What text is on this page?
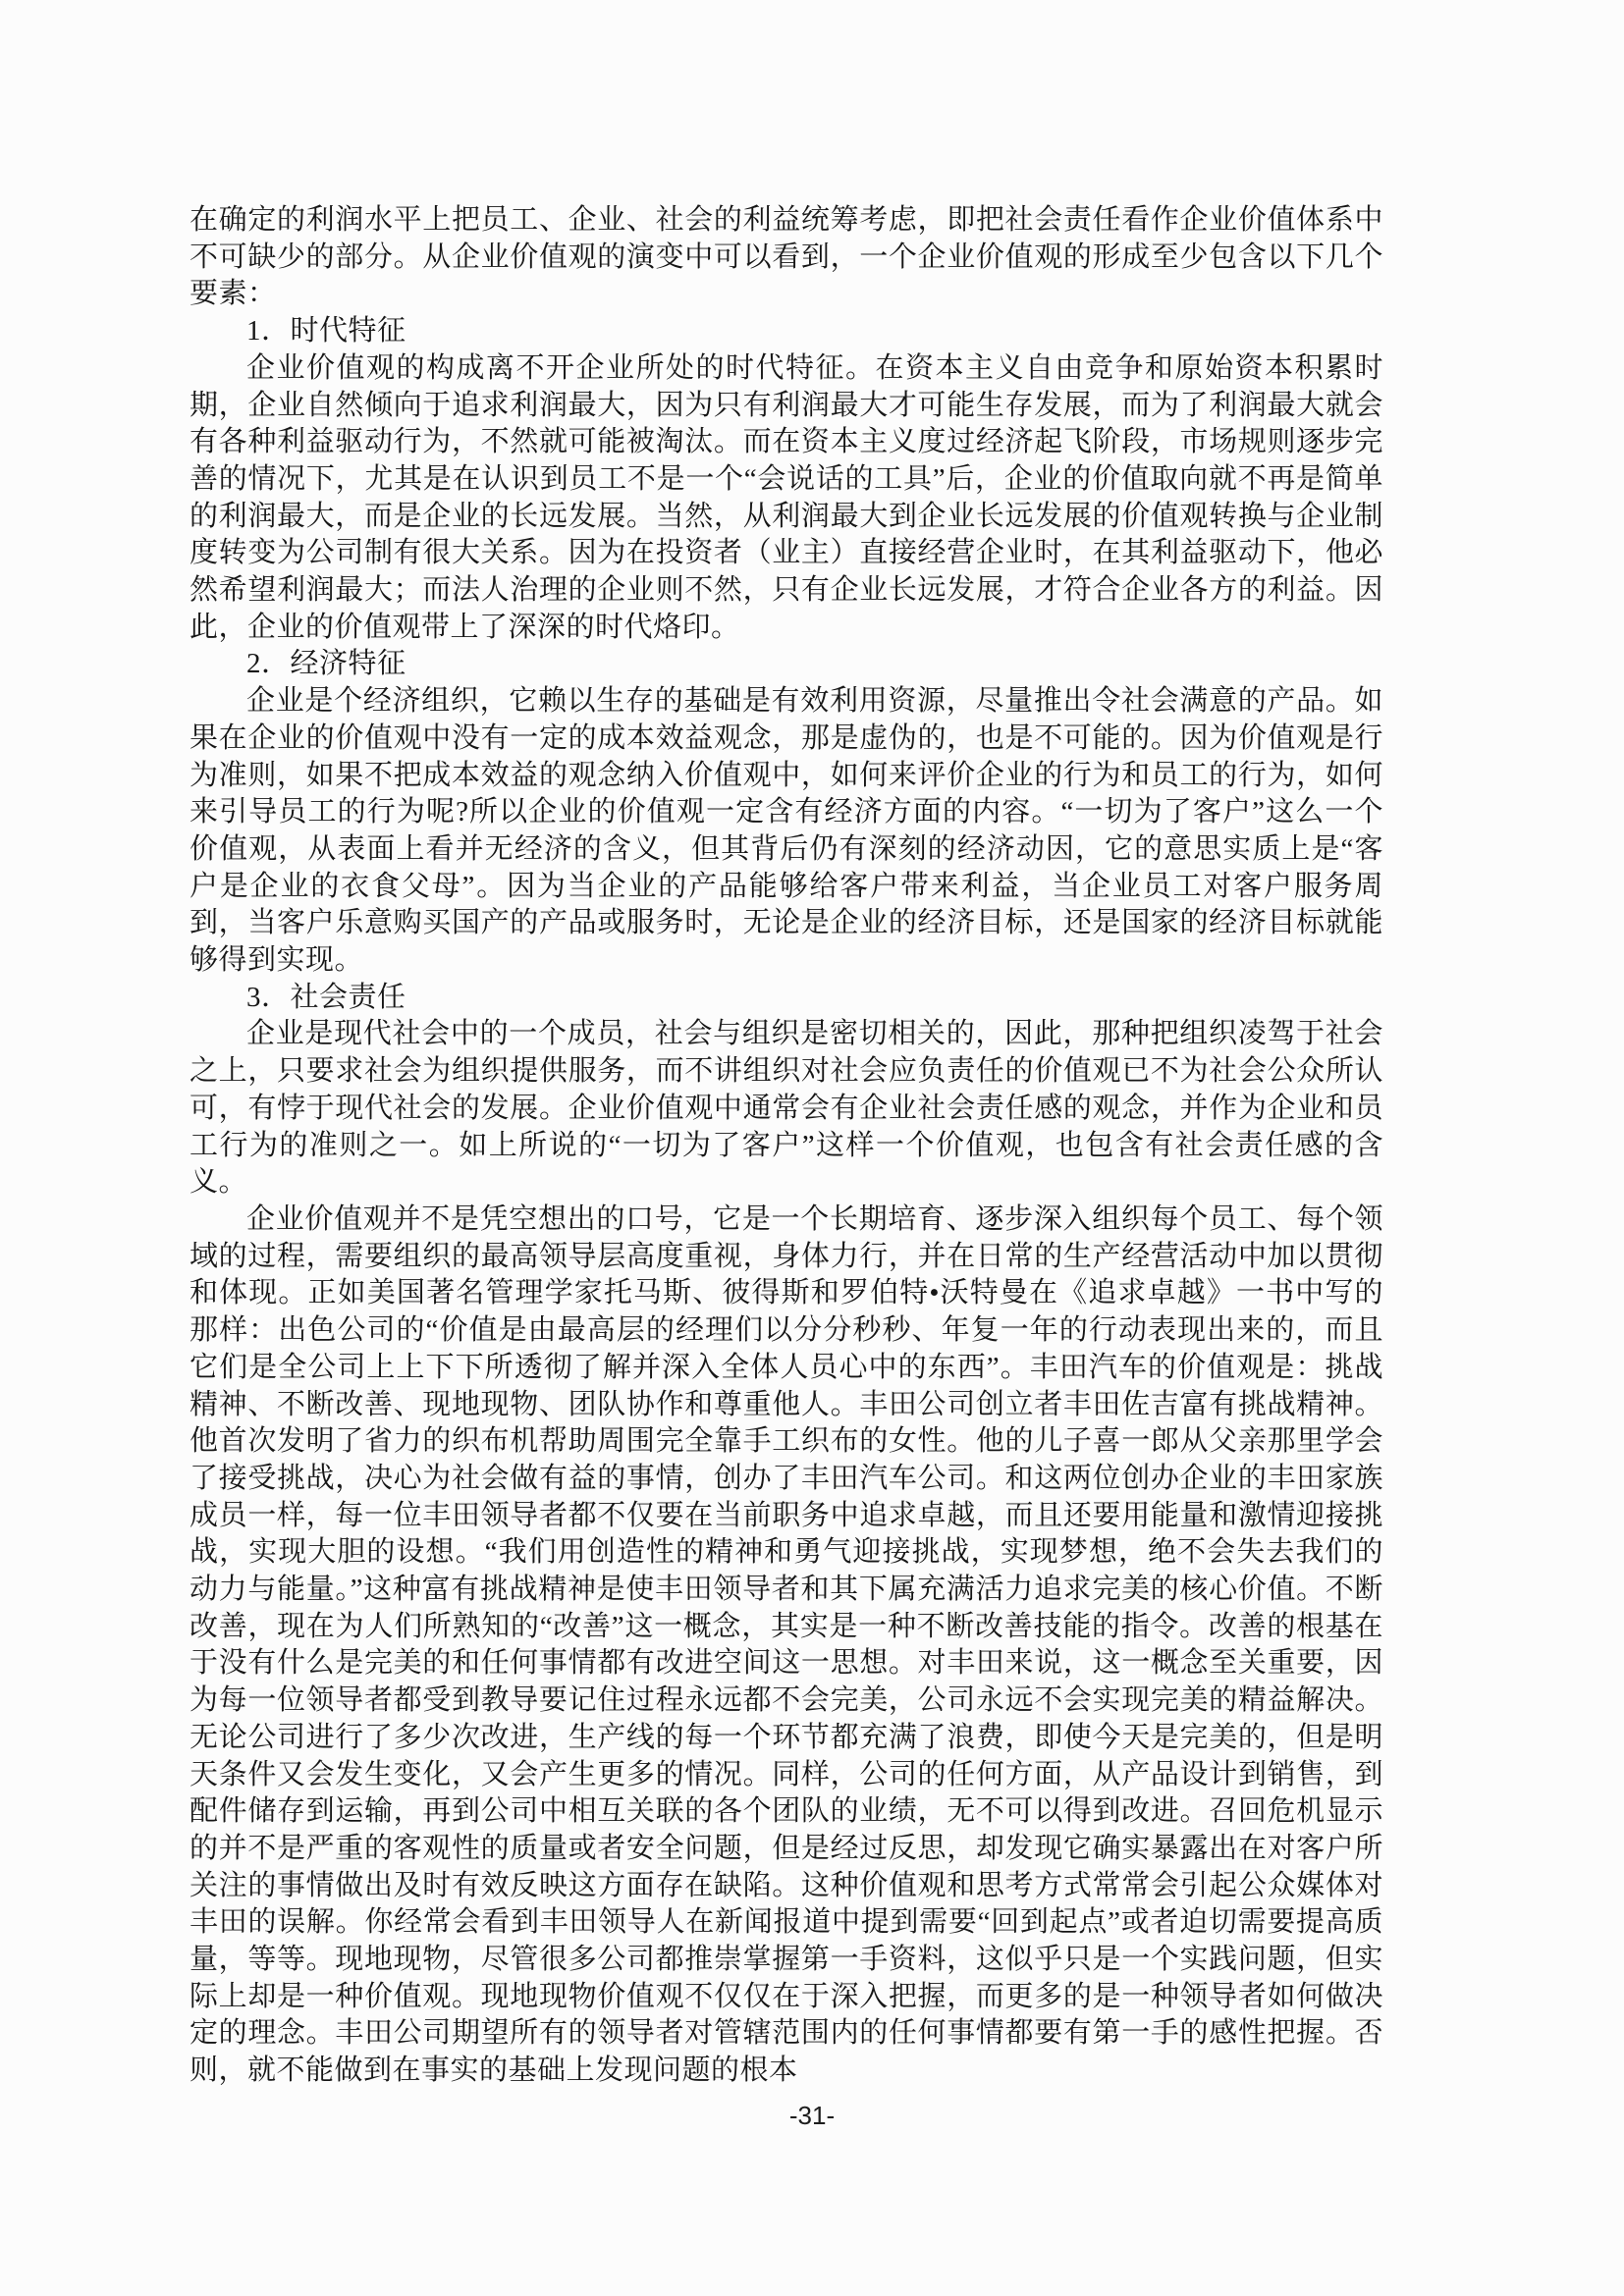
在确定的利润水平上把员工、企业、社会的利益统筹考虑，即把社会责任看作企业价值体系中不可缺少的部分。从企业价值观的演变中可以看到，一个企业价值观的形成至少包含以下几个要素：

1．时代特征

企业价值观的构成离不开企业所处的时代特征。在资本主义自由竞争和原始资本积累时期，企业自然倾向于追求利润最大，因为只有利润最大才可能生存发展，而为了利润最大就会有各种利益驱动行为，不然就可能被淘汰。而在资本主义度过经济起飞阶段，市场规则逐步完善的情况下，尤其是在认识到员工不是一个“会说话的工具”后，企业的价值取向就不再是简单的利润最大，而是企业的长远发展。当然，从利润最大到企业长远发展的价值观转换与企业制度转变为公司制有很大关系。因为在投资者（业主）直接经营企业时，在其利益驱动下，他必然希望利润最大；而法人治理的企业则不然，只有企业长远发展，才符合企业各方的利益。因此，企业的价值观带上了深深的时代烙印。

2．经济特征

企业是个经济组织，它赖以生存的基础是有效利用资源，尽量推出令社会满意的产品。如果在企业的价值观中没有一定的成本效益观念，那是虚伪的，也是不可能的。因为价值观是行为准则，如果不把成本效益的观念纳入价值观中，如何来评价企业的行为和员工的行为，如何来引导员工的行为呢?所以企业的价值观一定含有经济方面的内容。“一切为了客户”这么一个价值观，从表面上看并无经济的含义，但其背后仍有深刻的经济动因，它的意思实质上是“客户是企业的衣食父母”。因为当企业的产品能够给客户带来利益，当企业员工对客户服务周到，当客户乐意购买国产的产品或服务时，无论是企业的经济目标，还是国家的经济目标就能够得到实现。

3．社会责任

企业是现代社会中的一个成员，社会与组织是密切相关的，因此，那种把组织凌驾于社会之上，只要求社会为组织提供服务，而不讲组织对社会应负责任的价值观已不为社会公众所认可，有悖于现代社会的发展。企业价值观中通常会有企业社会责任感的观念，并作为企业和员工行为的准则之一。如上所说的“一切为了客户”这样一个价值观，也包含有社会责任感的含义。

企业价值观并不是凭空想出的口号，它是一个长期培育、逐步深入组织每个员工、每个领域的过程，需要组织的最高领导层高度重视，身体力行，并在日常的生产经营活动中加以贯彻和体现。正如美国著名管理学家托马斯、彼得斯和罗伯特•沃特曼在《追求卓越》一书中写的那样：出色公司的“价值是由最高层的经理们以分分秒秒、年复一年的行动表现出来的，而且它们是全公司上上下下所透彻了解并深入全体人员心中的东西”。丰田汽车的价值观是：挑战精神、不断改善、现地现物、团队协作和尊重他人。丰田公司创立者丰田佐吉富有挑战精神。他首次发明了省力的织布机帮助周围完全靠手工织布的女性。他的儿子喜一郎从父亲那里学会了接受挑战，决心为社会做有益的事情，创办了丰田汽车公司。和这两位创办企业的丰田家族成员一样，每一位丰田领导者都不仅要在当前职务中追求卓越，而且还要用能量和激情迎接挑战，实现大胆的设想。“我们用创造性的精神和勇气迎接挑战，实现梦想，绝不会失去我们的动力与能量。”这种富有挑战精神是使丰田领导者和其下属充满活力追求完美的核心价值。不断改善，现在为人们所熟知的“改善”这一概念，其实是一种不断改善技能的指令。改善的根基在于没有什么是完美的和任何事情都有改进空间这一思想。对丰田来说，这一概念至关重要，因为每一位领导者都受到教导要记住过程永远都不会完美，公司永远不会实现完美的精益解决。无论公司进行了多少次改进，生产线的每一个环节都充满了浪费，即使今天是完美的，但是明天条件又会发生变化，又会产生更多的情况。同样，公司的任何方面，从产品设计到销售，到配件储存到运输，再到公司中相互关联的各个团队的业绩，无不可以得到改进。召回危机显示的并不是严重的客观性的质量或者安全问题，但是经过反思，却发现它确实暴露出在对客户所关注的事情做出及时有效反映这方面存在缺陷。这种价值观和思考方式常常会引起公众媒体对丰田的误解。你经常会看到丰田领导人在新闻报道中提到需要“回到起点”或者迫切需要提高质量，等等。现地现物，尽管很多公司都推崇掌握第一手资料，这似乎只是一个实践问题，但实际上却是一种价值观。现地现物价值观不仅仅在于深入把握，而更多的是一种领导者如何做决定的理念。丰田公司期望所有的领导者对管辖范围内的任何事情都要有第一手的感性把握。否则，就不能做到在事实的基础上发现问题的根本

-31-
